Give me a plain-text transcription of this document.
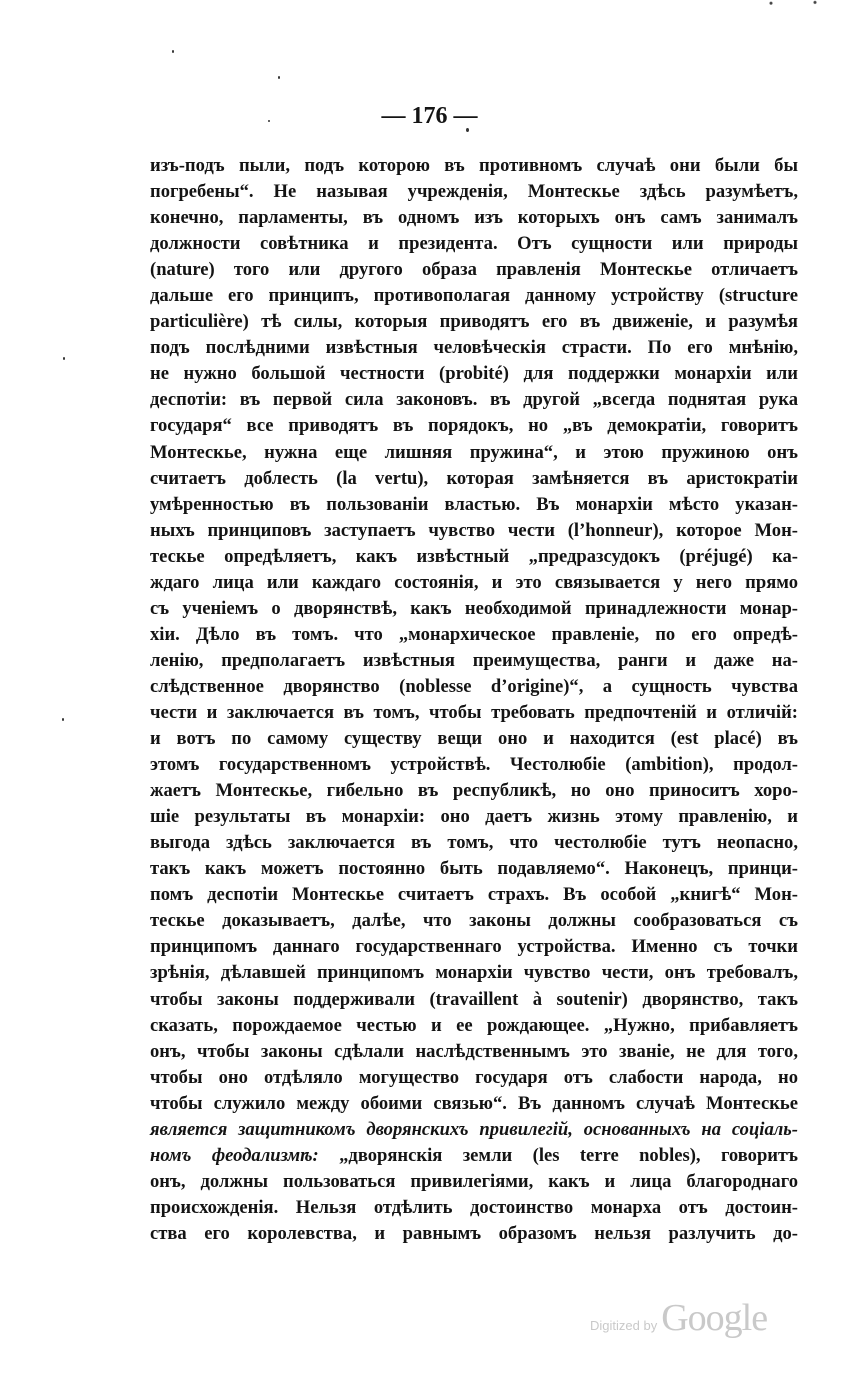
— 176 —
изъ-подъ пыли, подъ которою въ противномъ случаѣ они были бы
погребены“. Не называя учрежденія, Монтескье здѣсь разумѣетъ,
конечно, парламенты, въ одномъ изъ которыхъ онъ самъ занималъ
должности совѣтника и президента. Отъ сущности или природы
(nature) того или другого образа правленія Монтескье отличаетъ
дальше его принципъ, противополагая данному устройству (structure
particulière) тѣ силы, которыя приводятъ его въ движеніе, и разумѣя
подъ послѣдними извѣстныя человѣческія страсти. По его мнѣнію,
не нужно большой честности (probité) для поддержки монархіи или
деспотіи: въ первой сила законовъ. въ другой „всегда поднятая рука
государя“ все приводятъ въ порядокъ, но „въ демократіи, говоритъ
Монтескье, нужна еще лишняя пружина“, и этою пружиною онъ
считаетъ доблесть (la vertu), которая замѣняется въ аристократіи
умѣренностью въ пользованіи властью. Въ монархіи мѣсто указан-
ныхъ принциповъ заступаетъ чувство чести (l’honneur), которое Мон-
тескье опредѣляетъ, какъ извѣстный „предразсудокъ (préjugé) ка-
ждаго лица или каждаго состоянія, и это связывается у него прямо
съ ученіемъ о дворянствѣ, какъ необходимой принадлежности монар-
хіи. Дѣло въ томъ. что „монархическое правленіе, по его опредѣ-
ленію, предполагаетъ извѣстныя преимущества, ранги и даже на-
слѣдственное дворянство (noblesse d’origine)“, а сущность чувства
чести и заключается въ томъ, чтобы требовать предпочтеній и отличій:
и вотъ по самому существу вещи оно и находится (est placé) въ
этомъ государственномъ устройствѣ. Честолюбіе (ambition), продол-
жаетъ Монтескье, гибельно въ республикѣ, но оно приноситъ хоро-
шіе результаты въ монархіи: оно даетъ жизнь этому правленію, и
выгода здѣсь заключается въ томъ, что честолюбіе тутъ неопасно,
такъ какъ можетъ постоянно быть подавляемо“. Наконецъ, принци-
помъ деспотіи Монтескье считаетъ страхъ. Въ особой „книгѣ“ Мон-
тескье доказываетъ, далѣе, что законы должны сообразоваться съ
принципомъ даннаго государственнаго устройства. Именно съ точки
зрѣнія, дѣлавшей принципомъ монархіи чувство чести, онъ требовалъ,
чтобы законы поддерживали (travaillent à soutenir) дворянство, такъ
сказать, порождаемое честью и ее рождающее. „Нужно, прибавляетъ
онъ, чтобы законы сдѣлали наслѣдственнымъ это званіе, не для того,
чтобы оно отдѣляло могущество государя отъ слабости народа, но
чтобы служило между обоими связью“. Въ данномъ случаѣ Монтескье
является защитникомъ дворянскихъ привилегій, основанныхъ на соціаль-
номъ феодализмѣ: „дворянскія земли (les terre nobles), говоритъ
онъ, должны пользоваться привилегіями, какъ и лица благороднаго
происхожденія. Нельзя отдѣлить достоинство монарха отъ достоин-
ства его королевства, и равнымъ образомъ нельзя разлучить до-
Digitized by Google
